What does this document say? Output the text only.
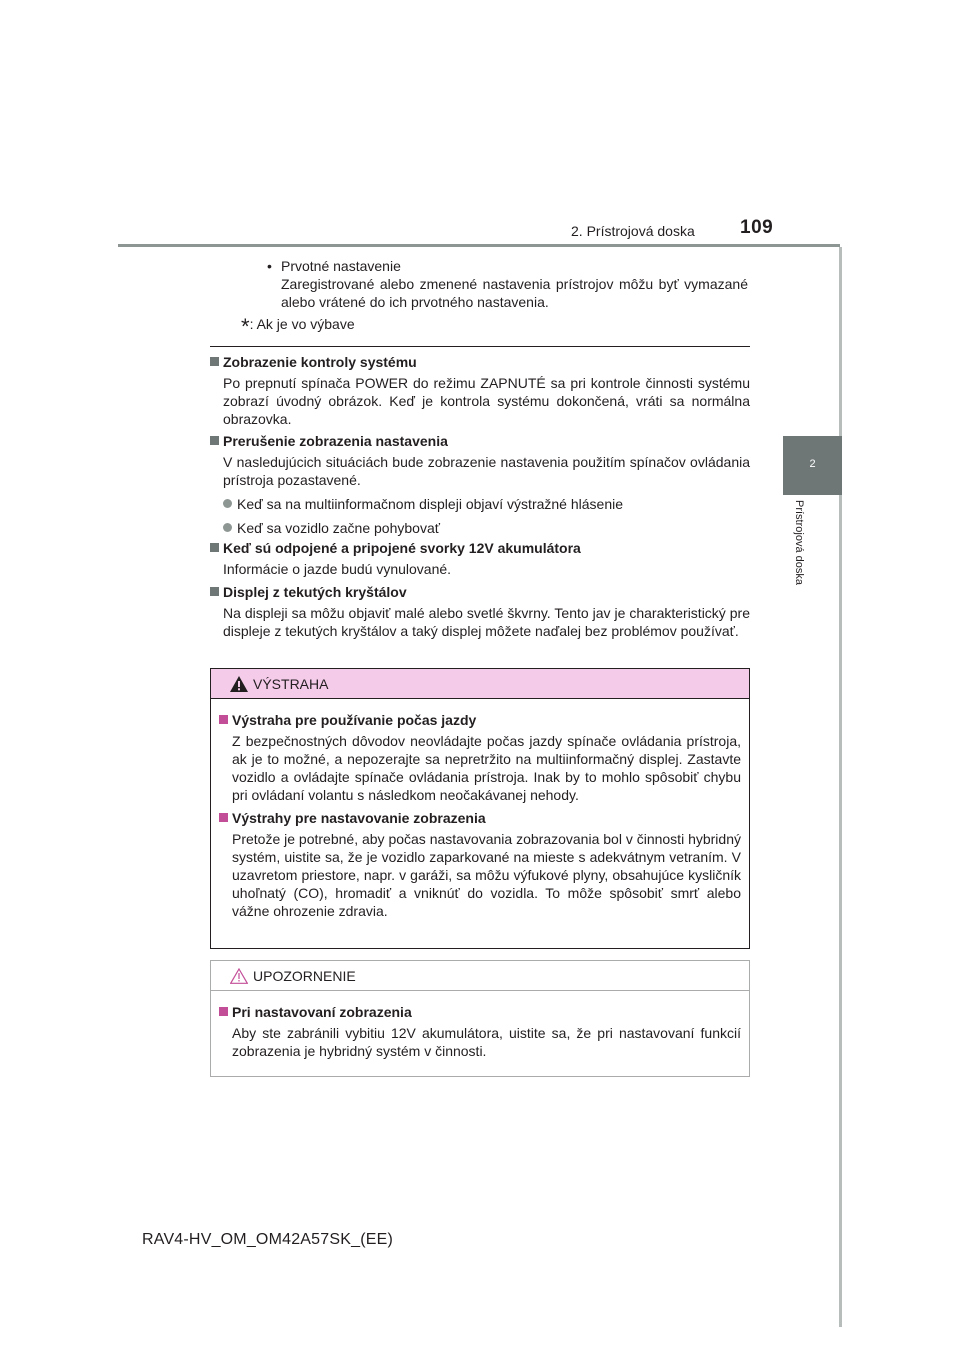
2. Prístrojová doska 109
2
Prístrojová doska
• Prvotné nastavenie
Zaregistrované alebo zmenené nastavenia prístrojov môžu byť vymazané alebo vrátené do ich prvotného nastavenia.
*: Ak je vo výbave
Zobrazenie kontroly systému
Po prepnutí spínača POWER do režimu ZAPNUTÉ sa pri kontrole činnosti systému zobrazí úvodný obrázok. Keď je kontrola systému dokončená, vráti sa normálna obrazovka.
Prerušenie zobrazenia nastavenia
V nasledujúcich situáciách bude zobrazenie nastavenia použitím spínačov ovládania prístroja pozastavené.
Keď sa na multiinformačnom displeji objaví výstražné hlásenie
Keď sa vozidlo začne pohybovať
Keď sú odpojené a pripojené svorky 12V akumulátora
Informácie o jazde budú vynulované.
Displej z tekutých kryštálov
Na displeji sa môžu objaviť malé alebo svetlé škvrny. Tento jav je charakteristický pre displeje z tekutých kryštálov a taký displej môžete naďalej bez problémov používať.
VÝSTRAHA
Výstraha pre používanie počas jazdy
Z bezpečnostných dôvodov neovládajte počas jazdy spínače ovládania prístroja, ak je to možné, a nepozerajte sa nepretržito na multiinformačný displej. Zastavte vozidlo a ovládajte spínače ovládania prístroja. Inak by to mohlo spôsobiť chybu pri ovládaní volantu s následkom neočakávanej nehody.
Výstrahy pre nastavovanie zobrazenia
Pretože je potrebné, aby počas nastavovania zobrazovania bol v činnosti hybridný systém, uistite sa, že je vozidlo zaparkované na mieste s adekvátnym vetraním. V uzavretom priestore, napr. v garáži, sa môžu výfukové plyny, obsahujúce kysličník uhoľnatý (CO), hromadiť a vniknúť do vozidla. To môže spôsobiť smrť alebo vážne ohrozenie zdravia.
UPOZORNENIE
Pri nastavovaní zobrazenia
Aby ste zabránili vybitiu 12V akumulátora, uistite sa, že pri nastavovaní funkcií zobrazenia je hybridný systém v činnosti.
RAV4-HV_OM_OM42A57SK_(EE)
